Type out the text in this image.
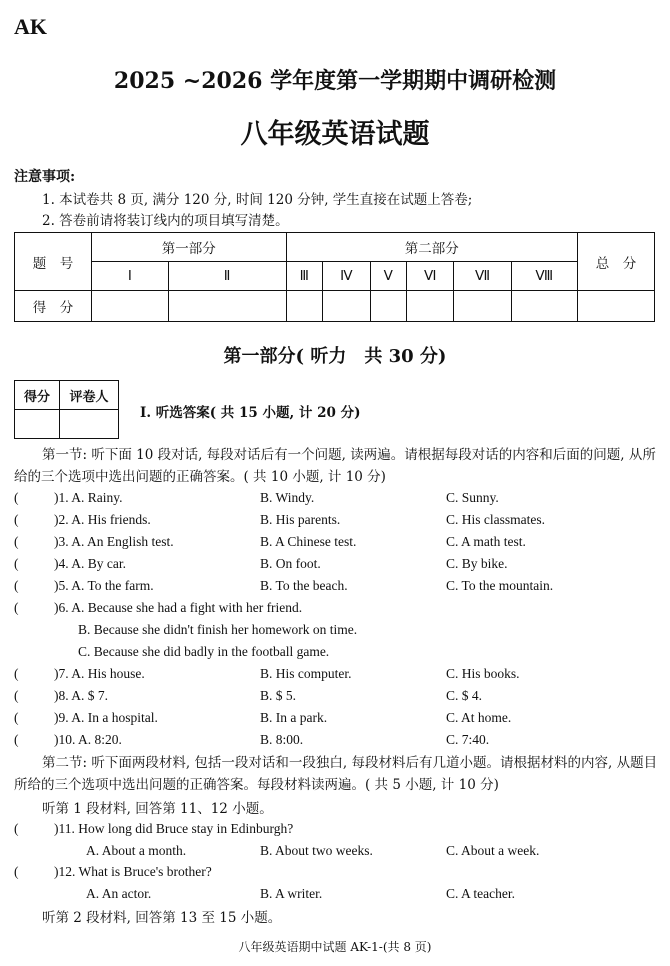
AK
2025 ~2026 学年度第一学期期中调研检测
八年级英语试题
注意事项:
1. 本试卷共 8 页, 满分 120 分, 时间 120 分钟, 学生直接在试题上答卷;
2. 答卷前请将装订线内的项目填写清楚。
题　号	第一部分		第二部分						总　分
	Ⅰ	Ⅱ	Ⅲ	Ⅳ	Ⅴ	Ⅵ	Ⅶ	Ⅷ	
得　分									
第一部分( 听力　共 30 分)
得分	评卷人

Ⅰ. 听选答案( 共 15 小题, 计 20 分)
第一节: 听下面 10 段对话, 每段对话后有一个问题, 读两遍。请根据每段对话的内容和后面的问题, 从所给的三个选项中选出问题的正确答案。( 共 10 小题, 计 10 分)
(	)1. A. Rainy.	B. Windy.	C. Sunny.
(	)2. A. His friends.	B. His parents.	C. His classmates.
(	)3. A. An English test.	B. A Chinese test.	C. A math test.
(	)4. A. By car.	B. On foot.	C. By bike.
(	)5. A. To the farm.	B. To the beach.	C. To the mountain.
(	)6. A. Because she had a fight with her friend.
B. Because she didn't finish her homework on time.
C. Because she did badly in the football game.
(	)7. A. His house.	B. His computer.	C. His books.
(	)8. A. $ 7.	B. $ 5.	C. $ 4.
(	)9. A. In a hospital.	B. In a park.	C. At home.
(	)10. A. 8:20.	B. 8:00.	C. 7:40.
第二节: 听下面两段材料, 包括一段对话和一段独白, 每段材料后有几道小题。请根据材料的内容, 从题目所给的三个选项中选出问题的正确答案。每段材料读两遍。( 共 5 小题, 计 10 分)
听第 1 段材料, 回答第 11、12 小题。
(	)11. How long did Bruce stay in Edinburgh?
A. About a month.	B. About two weeks.	C. About a week.
(	)12. What is Bruce's brother?
A. An actor.	B. A writer.	C. A teacher.
听第 2 段材料, 回答第 13 至 15 小题。
八年级英语期中试题 AK-1-(共 8 页)
